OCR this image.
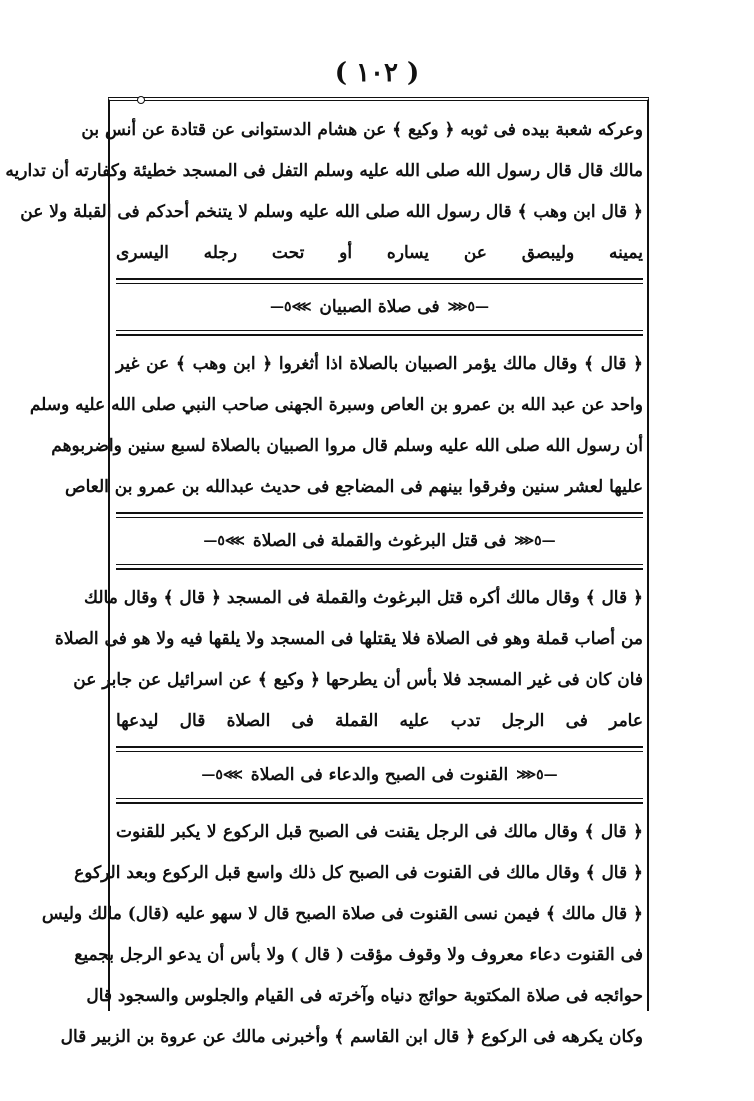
( ١٠٢ )

وعركه شعبة بيده فى ثوبه ﴿ وكيع ﴾ عن هشام الدستوانى عن قتادة عن أنس بن

مالك قال قال رسول الله صلى الله عليه وسلم التفل فى المسجد خطيئة وكفارته أن تداريه

﴿ قال ابن وهب ﴾ قال رسول الله صلى الله عليه وسلم لا يتنخم أحدكم فى القبلة ولا عن

يمينه وليبصق عن يساره أو تحت رجله اليسرى

—٥⋘
فى صلاة الصبيان
⋙٥—

﴿ قال ﴾ وقال مالك يؤمر الصبيان بالصلاة اذا أثغروا ﴿ ابن وهب ﴾ عن غير

واحد عن عبد الله بن عمرو بن العاص وسبرة الجهنى صاحب النبي صلى الله عليه وسلم

أن رسول الله صلى الله عليه وسلم قال مروا الصبيان بالصلاة لسبع سنين واضربوهم

عليها لعشر سنين وفرقوا بينهم فى المضاجع فى حديث عبدالله بن عمرو بن العاص

—٥⋘
فى قتل البرغوث والقملة فى الصلاة
⋙٥—

﴿ قال ﴾ وقال مالك أكره قتل البرغوث والقملة فى المسجد ﴿ قال ﴾ وقال مالك

من أصاب قملة وهو فى الصلاة فلا يقتلها فى المسجد ولا يلقها فيه ولا هو فى الصلاة

فان كان فى غير المسجد فلا بأس أن يطرحها ﴿ وكيع ﴾ عن اسرائيل عن جابر عن

عامر فى الرجل تدب عليه القملة فى الصلاة قال ليدعها

—٥⋘
القنوت فى الصبح والدعاء فى الصلاة
⋙٥—

﴿ قال ﴾ وقال مالك فى الرجل يقنت فى الصبح قبل الركوع لا يكبر للقنوت

﴿ قال ﴾ وقال مالك فى القنوت فى الصبح كل ذلك واسع قبل الركوع وبعد الركوع

﴿ قال مالك ﴾ فيمن نسى القنوت فى صلاة الصبح قال لا سهو عليه (قال) مالك وليس

فى القنوت دعاء معروف ولا وقوف مؤقت ( قال ) ولا بأس أن يدعو الرجل بجميع

حوائجه فى صلاة المكتوبة حوائج دنياه وآخرته فى القيام والجلوس والسجود قال

وكان يكرهه فى الركوع ﴿ قال ابن القاسم ﴾ وأخبرنى مالك عن عروة بن الزبير قال
